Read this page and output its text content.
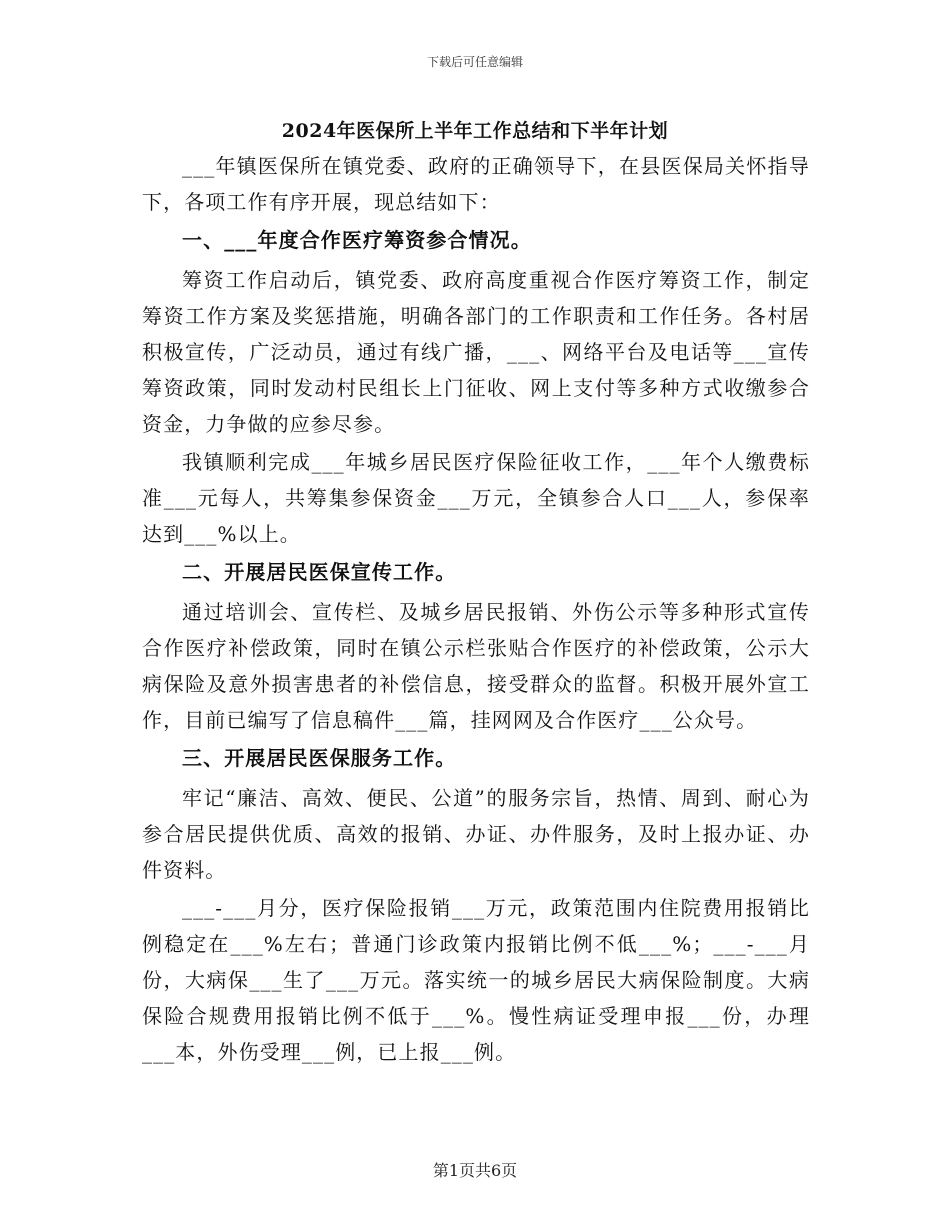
下载后可任意编辑
2024年医保所上半年工作总结和下半年计划

___年镇医保所在镇党委、政府的正确领导下，在县医保局关怀指导下，各项工作有序开展，现总结如下：

一、___年度合作医疗筹资参合情况。

筹资工作启动后，镇党委、政府高度重视合作医疗筹资工作，制定筹资工作方案及奖惩措施，明确各部门的工作职责和工作任务。各村居积极宣传，广泛动员，通过有线广播，___、网络平台及电话等___宣传筹资政策，同时发动村民组长上门征收、网上支付等多种方式收缴参合资金，力争做的应参尽参。

我镇顺利完成___年城乡居民医疗保险征收工作，___年个人缴费标准___元每人，共筹集参保资金___万元，全镇参合人口___人，参保率达到___%以上。

二、开展居民医保宣传工作。

通过培训会、宣传栏、及城乡居民报销、外伤公示等多种形式宣传合作医疗补偿政策，同时在镇公示栏张贴合作医疗的补偿政策，公示大病保险及意外损害患者的补偿信息，接受群众的监督。积极开展外宣工作，目前已编写了信息稿件___篇，挂网网及合作医疗___公众号。

三、开展居民医保服务工作。

牢记“廉洁、高效、便民、公道”的服务宗旨，热情、周到、耐心为参合居民提供优质、高效的报销、办证、办件服务，及时上报办证、办件资料。

___-___月分，医疗保险报销___万元，政策范围内住院费用报销比例稳定在___%左右；普通门诊政策内报销比例不低___%；___-___月份，大病保___生了___万元。落实统一的城乡居民大病保险制度。大病保险合规费用报销比例不低于___%。慢性病证受理申报___份，办理___本，外伤受理___例，已上报___例。

第1页共6页
